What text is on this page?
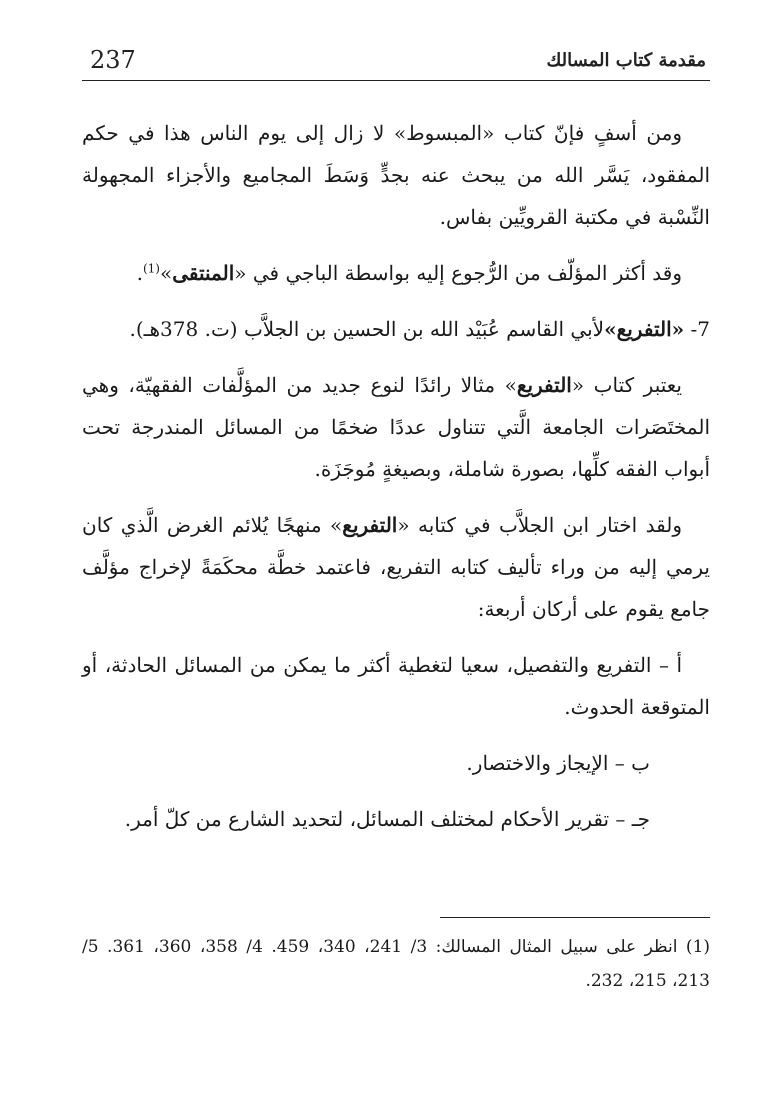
237	مقدمة كتاب المسالك

ومن أسفٍ فإنّ كتاب «المبسوط» لا زال إلى يوم الناس هذا في حكم المفقود، يَسَّر الله من يبحث عنه بجدٍّ وَسَطَ المجاميع والأجزاء المجهولة النِّسْبة في مكتبة القرويِّين بفاس.

وقد أكثر المؤلّف من الرُّجوع إليه بواسطة الباجي في «المنتقى»$^{(1)}$.

7- «التفريع»لأبي القاسم عُبَيْد الله بن الحسين بن الجلاَّب (ت. 378هـ).

يعتبر كتاب «التفريع» مثالا رائدًا لنوع جديد من المؤلَّفات الفقهيّة، وهي المختَصَرات الجامعة الَّتي تتناول عددًا ضخمًا من المسائل المندرجة تحت أبواب الفقه كلِّها، بصورة شاملة، وبصيغةٍ مُوجَزَة.

ولقد اختار ابن الجلاَّب في كتابه «التفريع» منهجًا يُلائم الغرض الَّذي كان يرمي إليه من وراء تأليف كتابه التفريع، فاعتمد خطَّة محكَمَةً لإخراج مؤلَّف جامع يقوم على أركان أربعة:

أ – التفريع والتفصيل، سعيا لتغطية أكثر ما يمكن من المسائل الحادثة، أو المتوقعة الحدوث.

ب – الإيجاز والاختصار.

جـ – تقرير الأحكام لمختلف المسائل، لتحديد الشارع من كلّ أمر.

(1) انظر على سبيل المثال المسالك: 3/ 241، 340، 459. 4/ 358، 360، 361. 5/ 213، 215، 232.
